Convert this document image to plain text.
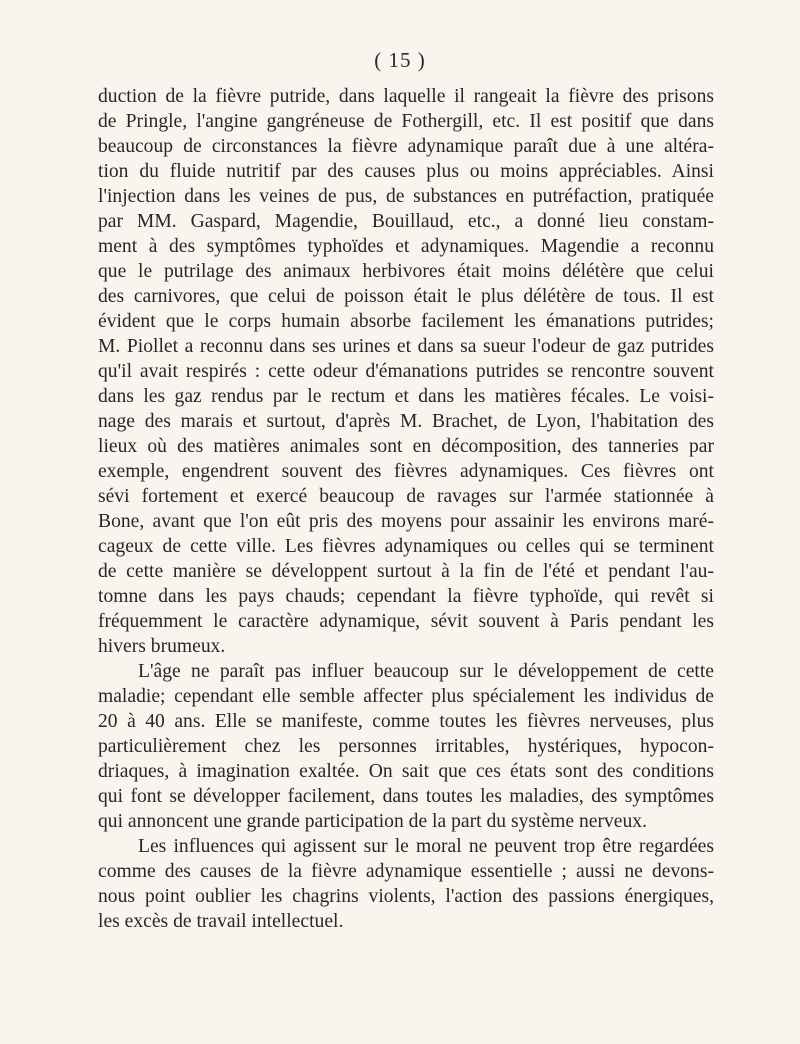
( 15 )

duction de la fièvre putride, dans laquelle il rangeait la fièvre des prisons
de Pringle, l'angine gangréneuse de Fothergill, etc. Il est positif que dans
beaucoup de circonstances la fièvre adynamique paraît due à une altéra-
tion du fluide nutritif par des causes plus ou moins appréciables. Ainsi
l'injection dans les veines de pus, de substances en putréfaction, pratiquée
par MM. Gaspard, Magendie, Bouillaud, etc., a donné lieu constam-
ment à des symptômes typhoïdes et adynamiques. Magendie a reconnu
que le putrilage des animaux herbivores était moins délétère que celui
des carnivores, que celui de poisson était le plus délétère de tous. Il est
évident que le corps humain absorbe facilement les émanations putrides;
M. Piollet a reconnu dans ses urines et dans sa sueur l'odeur de gaz putrides
qu'il avait respirés : cette odeur d'émanations putrides se rencontre souvent
dans les gaz rendus par le rectum et dans les matières fécales. Le voisi-
nage des marais et surtout, d'après M. Brachet, de Lyon, l'habitation des
lieux où des matières animales sont en décomposition, des tanneries par
exemple, engendrent souvent des fièvres adynamiques. Ces fièvres ont
sévi fortement et exercé beaucoup de ravages sur l'armée stationnée à
Bone, avant que l'on eût pris des moyens pour assainir les environs maré-
cageux de cette ville. Les fièvres adynamiques ou celles qui se terminent
de cette manière se développent surtout à la fin de l'été et pendant l'au-
tomne dans les pays chauds; cependant la fièvre typhoïde, qui revêt si
fréquemment le caractère adynamique, sévit souvent à Paris pendant les
hivers brumeux.

L'âge ne paraît pas influer beaucoup sur le développement de cette
maladie; cependant elle semble affecter plus spécialement les individus de
20 à 40 ans. Elle se manifeste, comme toutes les fièvres nerveuses, plus
particulièrement chez les personnes irritables, hystériques, hypocon-
driaques, à imagination exaltée. On sait que ces états sont des conditions
qui font se développer facilement, dans toutes les maladies, des symptômes
qui annoncent une grande participation de la part du système nerveux.

Les influences qui agissent sur le moral ne peuvent trop être regardées
comme des causes de la fièvre adynamique essentielle ; aussi ne devons-
nous point oublier les chagrins violents, l'action des passions énergiques,
les excès de travail intellectuel.
